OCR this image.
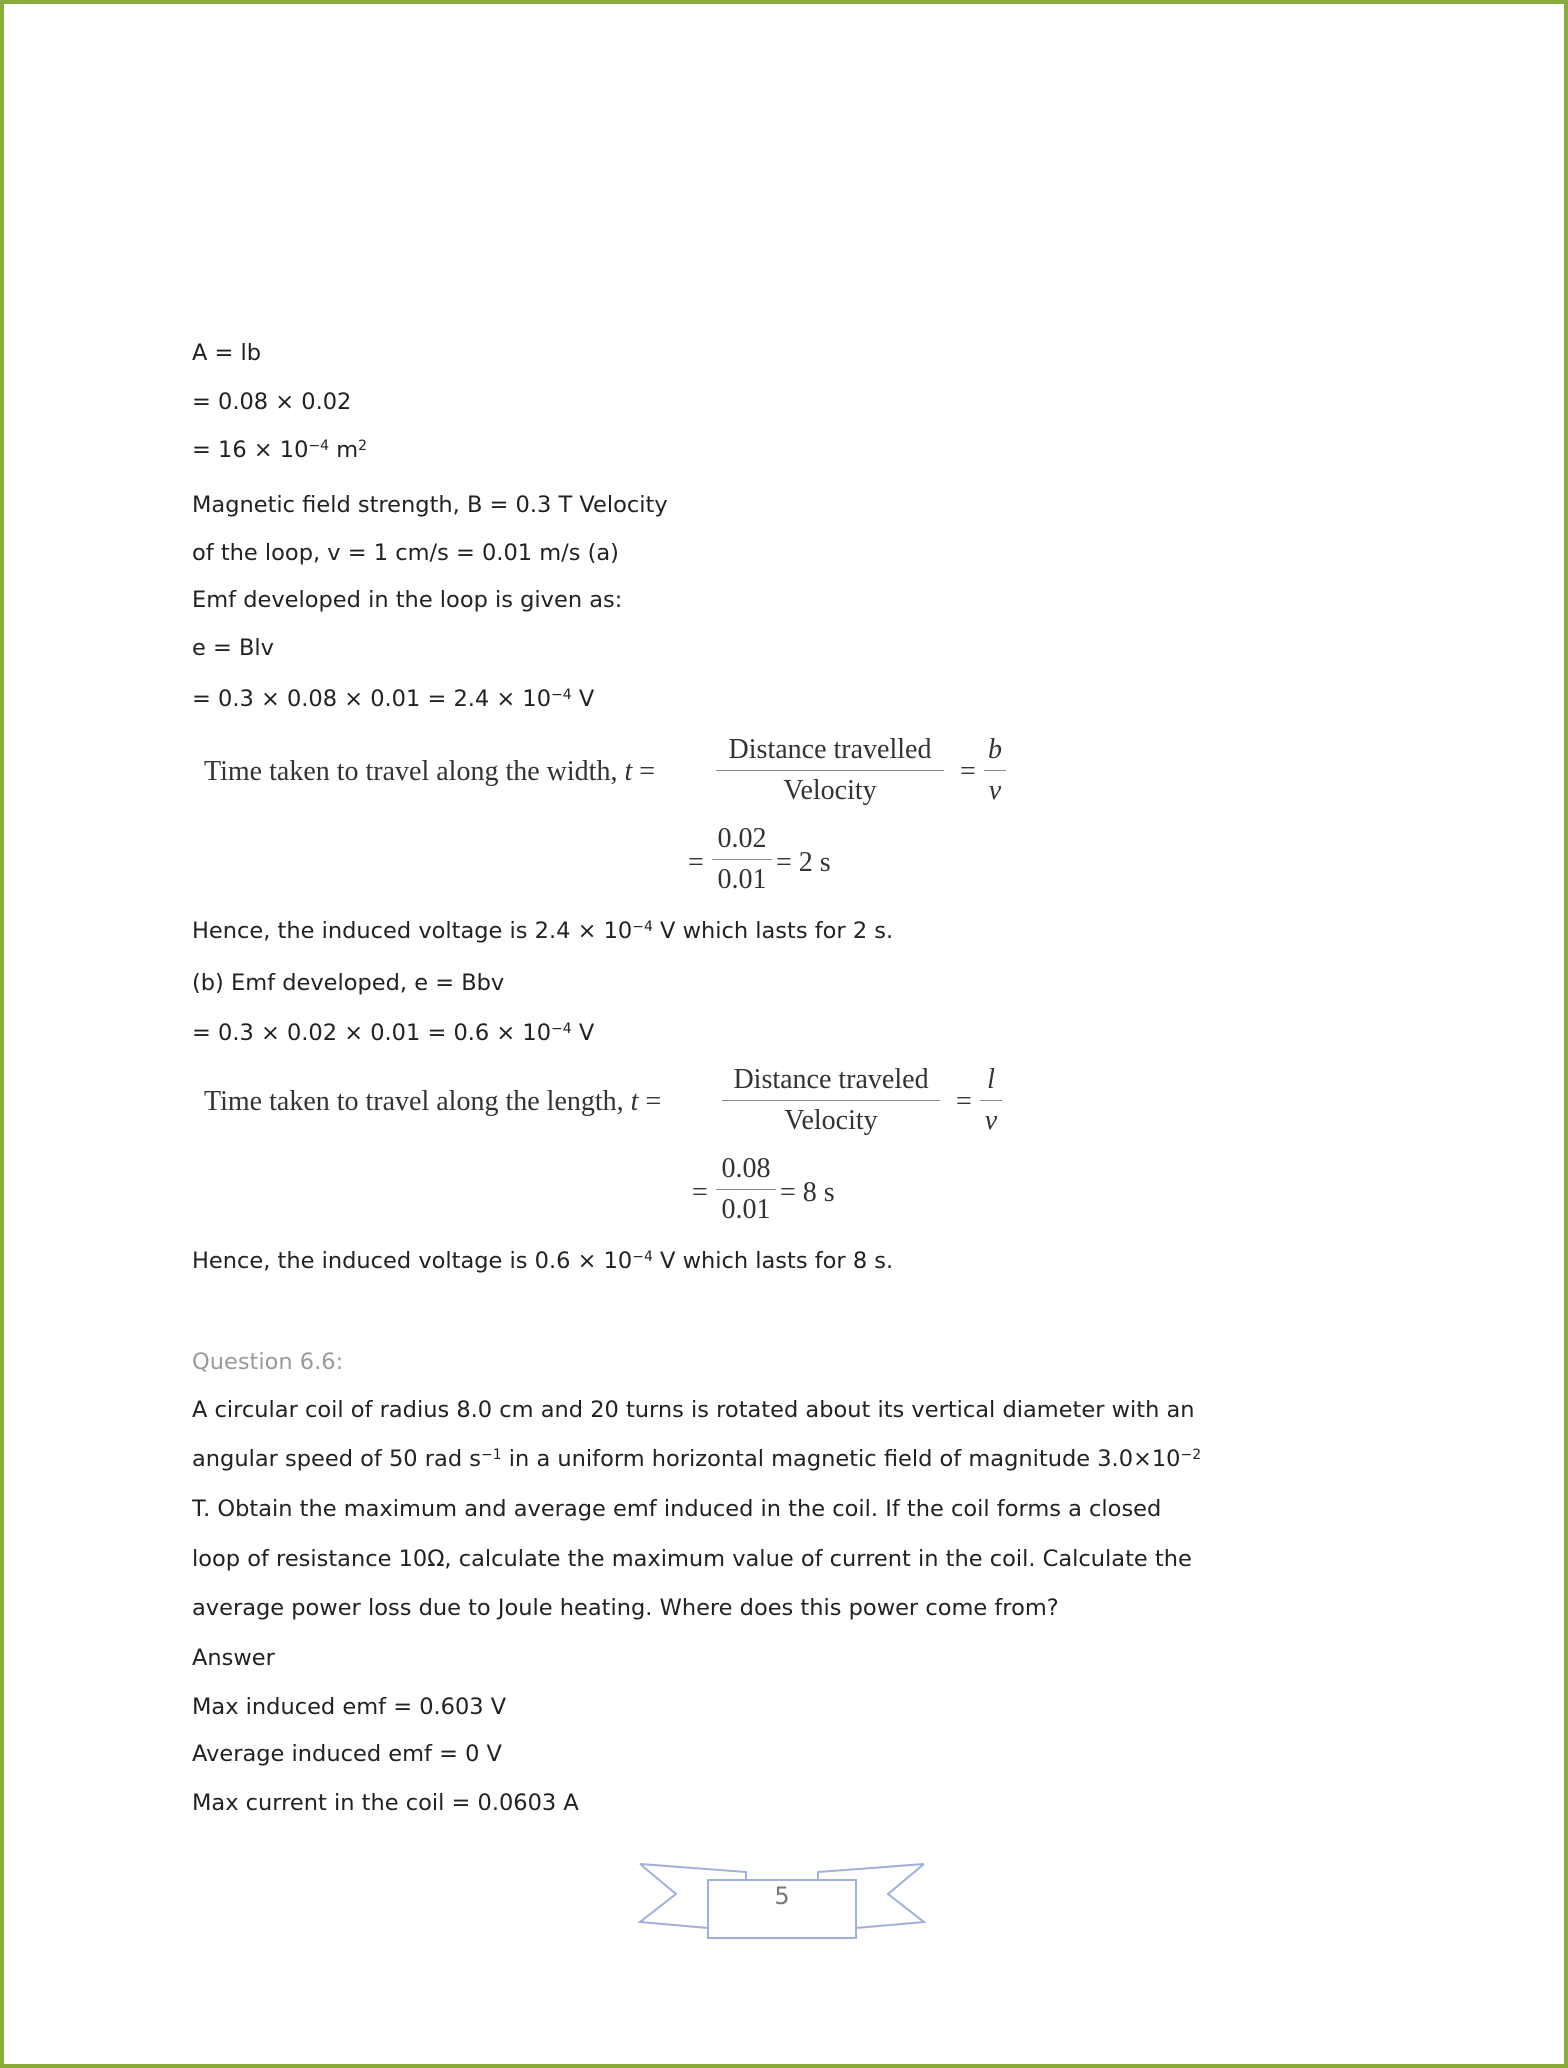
A = lb
= 0.08 × 0.02
= $16 \times 10^{-4}$ $m^2$
Magnetic field strength, B = 0.3 T Velocity
of the loop, v = 1 cm/s = 0.01 m/s (a)
Emf developed in the loop is given as:
e = Blv
= $0.3 \times 0.08 \times 0.01 = 2.4 \times 10^{-4}$ V
Time taken to travel along the width, t =
Distance travelled
Velocity
=
b
v
=
0.02
0.01
= 2 s
Hence, the induced voltage is $2.4 \times 10^{-4}$ V which lasts for 2 s.
(b) Emf developed, e = Bbv
= $0.3 \times 0.02 \times 0.01 = 0.6 \times 10^{-4}$ V
Time taken to travel along the length, t =
Distance traveled
Velocity
=
l
v
=
0.08
0.01
= 8 s
Hence, the induced voltage is $0.6 \times 10^{-4}$ V which lasts for 8 s.
Question 6.6:
A circular coil of radius 8.0 cm and 20 turns is rotated about its vertical diameter with an
angular speed of 50 rad $s^{-1}$ in a uniform horizontal magnetic field of magnitude $3.0\times 10^{-2}$
T. Obtain the maximum and average emf induced in the coil. If the coil forms a closed
loop of resistance 10Ω, calculate the maximum value of current in the coil. Calculate the
average power loss due to Joule heating. Where does this power come from?
Answer
Max induced emf = 0.603 V
Average induced emf = 0 V
Max current in the coil = 0.0603 A
5
